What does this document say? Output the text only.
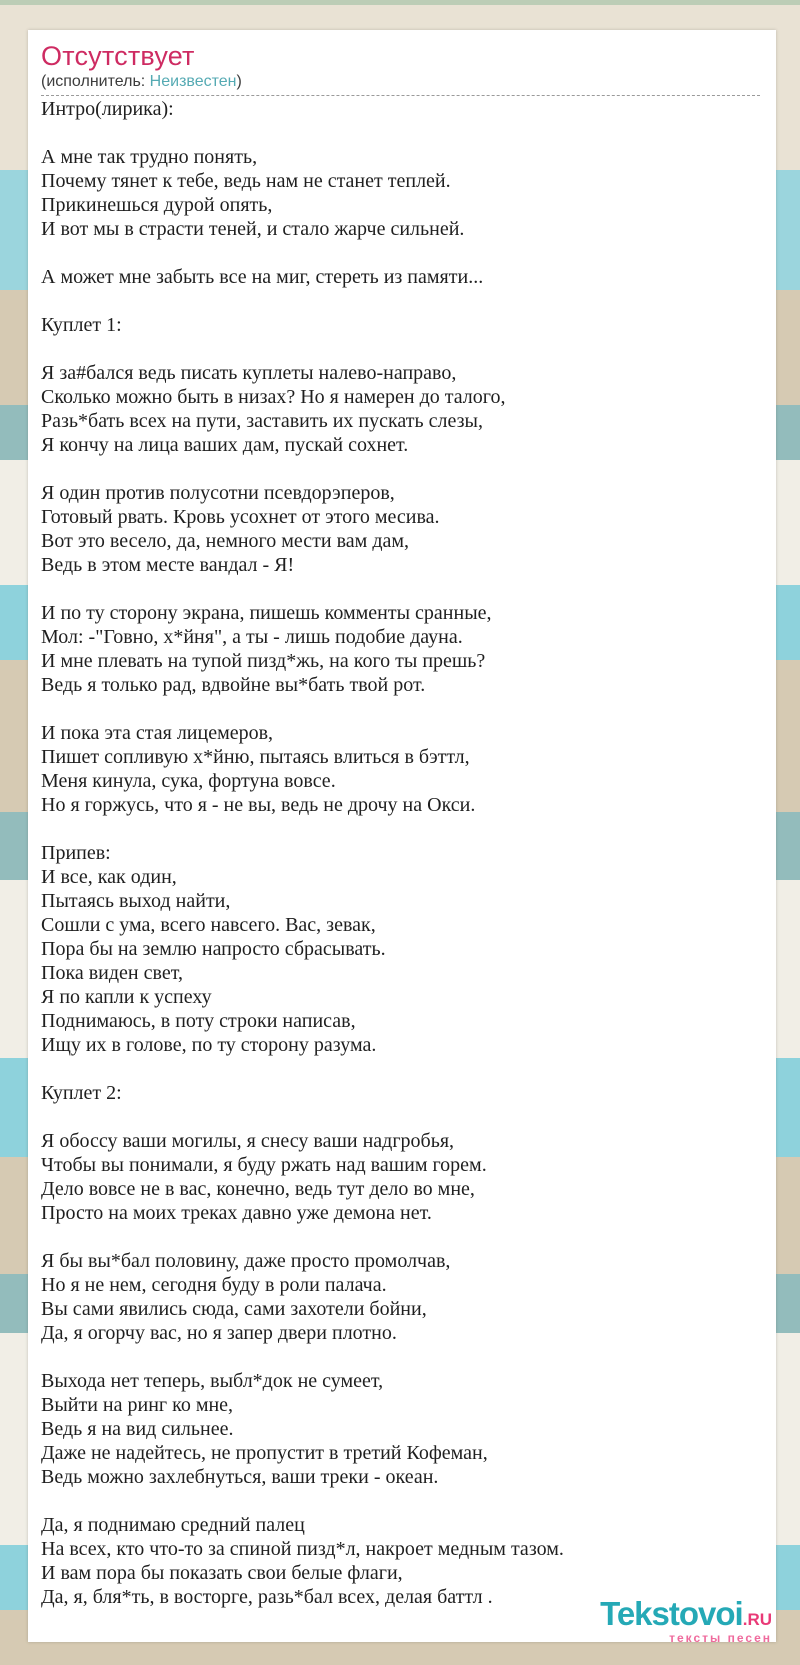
Отсутствует
(исполнитель: Неизвестен)
Интро(лирика):

А мне так трудно понять,
Почему тянет к тебе, ведь нам не станет теплей.
Прикинешься дурой опять,
И вот мы в страсти теней, и стало жарче сильней.

А может мне забыть все на миг, стереть из памяти...

Куплет 1:

Я за#бался ведь писать куплеты налево-направо,
Сколько можно быть в низах? Но я намерен до талого,
Разь*бать всех на пути, заставить их пускать слезы,
Я кончу на лица ваших дам, пускай сохнет.

Я один против полусотни псевдорэперов,
Готовый рвать. Кровь усохнет от этого месива.
Вот это весело, да, немного мести вам дам,
Ведь в этом месте вандал - Я!

И по ту сторону экрана, пишешь комменты сранные,
Мол: -"Говно, х*йня", а ты - лишь подобие дауна.
И мне плевать на тупой пизд*жь, на кого ты прешь?
Ведь я только рад, вдвойне вы*бать твой рот.

И пока эта стая лицемеров,
Пишет сопливую х*йню, пытаясь влиться в бэттл,
Меня кинула, сука, фортуна вовсе.
Но я горжусь, что я - не вы, ведь не дрочу на Окси.

Припев:
И все, как один,
Пытаясь выход найти,
Сошли с ума, всего навсего. Вас, зевак,
Пора бы на землю напросто сбрасывать.
Пока виден свет,
Я по капли к успеху
Поднимаюсь, в поту строки написав,
Ищу их в голове, по ту сторону разума.

Куплет 2:

Я обоссу ваши могилы, я снесу ваши надгробья,
Чтобы вы понимали, я буду ржать над вашим горем.
Дело вовсе не в вас, конечно, ведь тут дело во мне,
Просто на моих треках давно уже демона нет.

Я бы вы*бал половину, даже просто промолчав,
Но я не нем, сегодня буду в роли палача.
Вы сами явились сюда, сами захотели бойни,
Да, я огорчу вас, но я запер двери плотно.

Выхода нет теперь, выбл*док не сумеет,
Выйти на ринг ко мне,
Ведь я на вид сильнее.
Даже не надейтесь, не пропустит в третий Кофеман,
Ведь можно захлебнуться, ваши треки - океан.

Да, я поднимаю средний палец
На всех, кто что-то за спиной пизд*л, накроет медным тазом.
И вам пора бы показать свои белые флаги,
Да, я, бля*ть, в восторге, разь*бал всех, делая баттл .	Tekstovoi.RU
тексты песен
